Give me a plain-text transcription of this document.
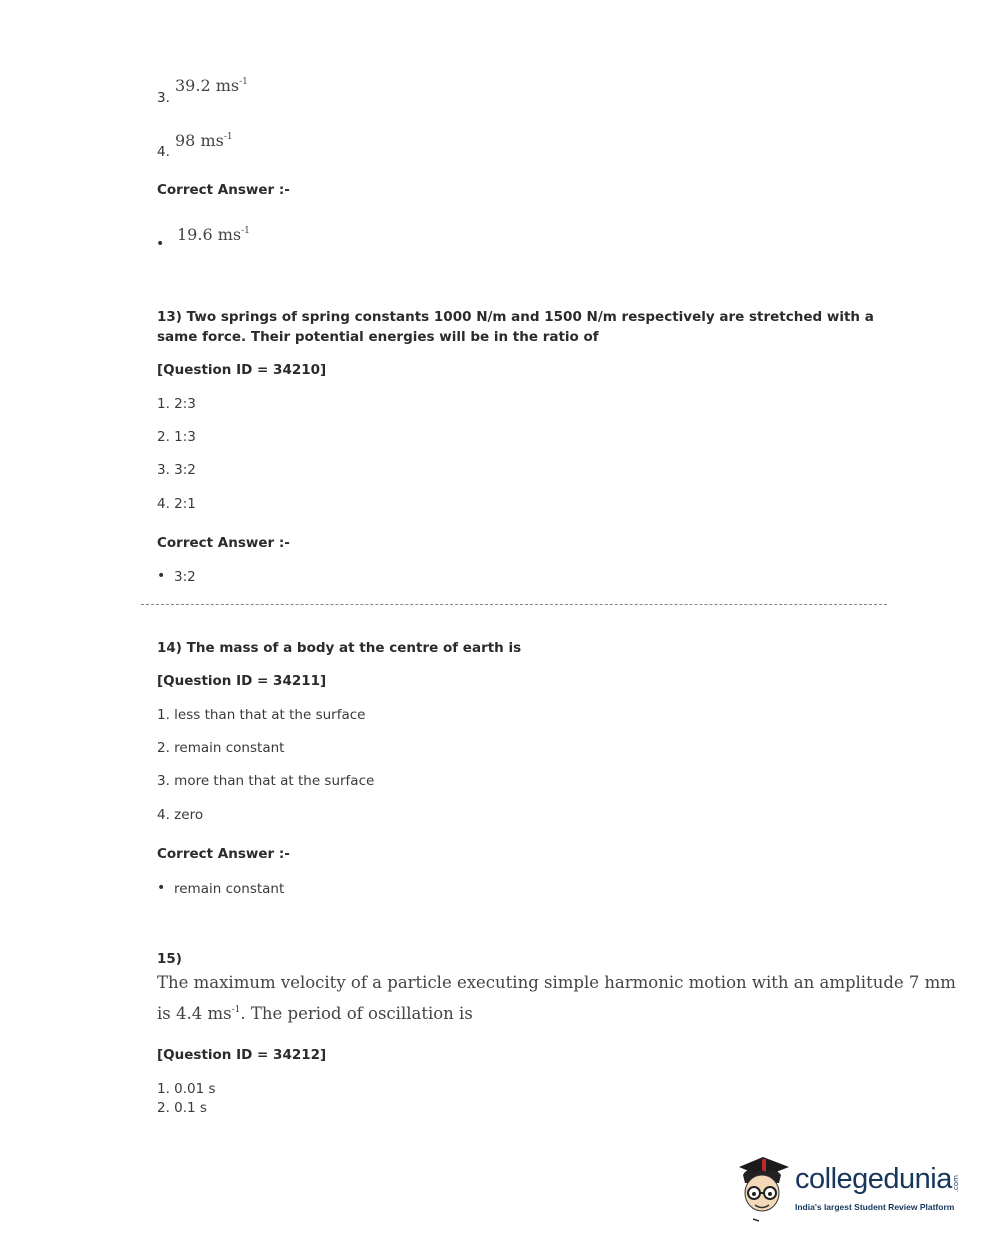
3.
39.2 $ms^{-1}$
4.
98 $ms^{-1}$
Correct Answer :-
• 19.6 $ms^{-1}$
13) Two springs of spring constants 1000 N/m and 1500 N/m respectively are stretched with a
same force. Their potential energies will be in the ratio of
[Question ID = 34210]
1. 2:3
2. 1:3
3. 3:2
4. 2:1
Correct Answer :-
• 3:2
14) The mass of a body at the centre of earth is
[Question ID = 34211]
1. less than that at the surface
2. remain constant
3. more than that at the surface
4. zero
Correct Answer :-
• remain constant
15)
The maximum velocity of a particle executing simple harmonic motion with an amplitude 7 mm
is 4.4 $ms^{-1}$. The period of oscillation is
[Question ID = 34212]
1. 0.01 s
2. 0.1 s
collegedunia .com
India's largest Student Review Platform
